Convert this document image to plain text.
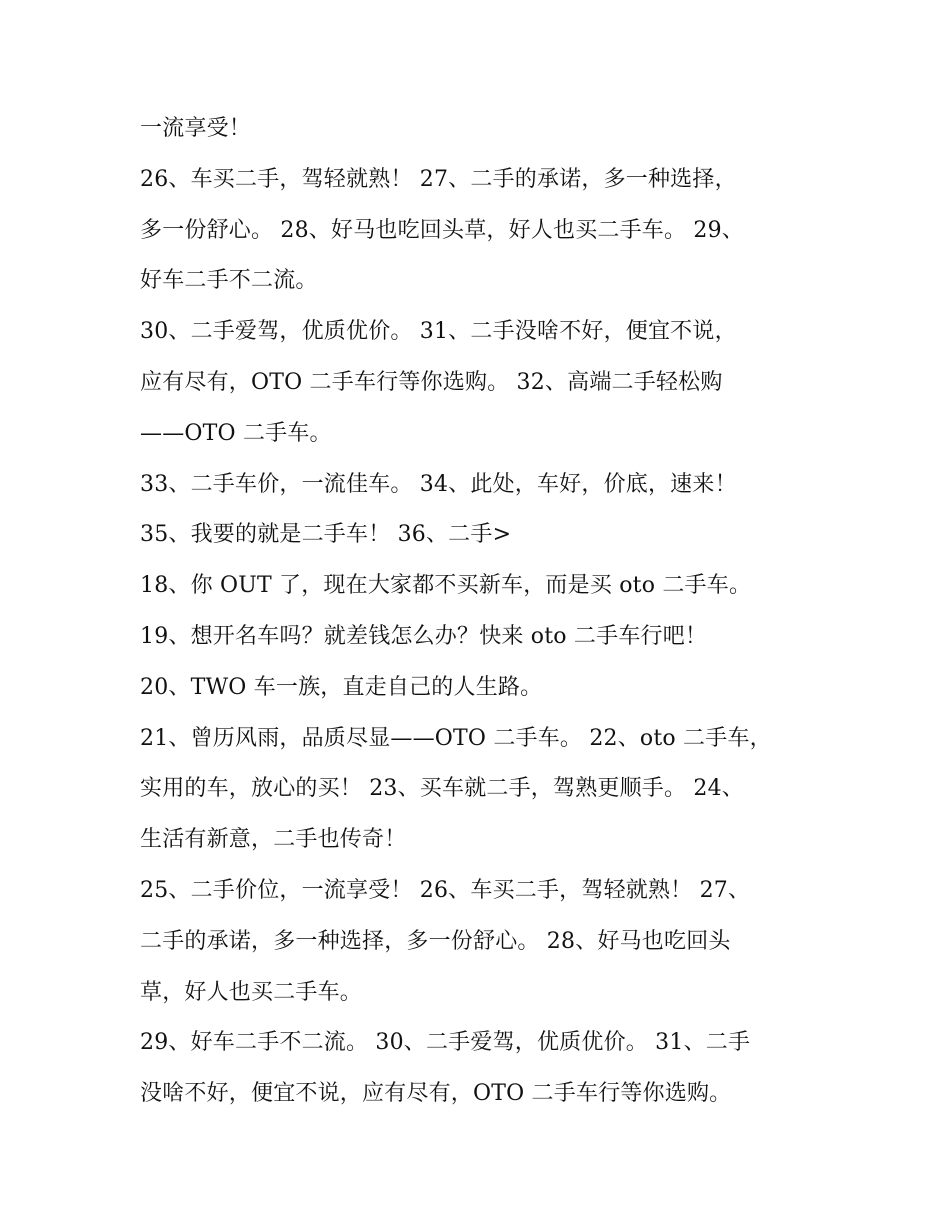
一流享受！
26、车买二手，驾轻就熟！ 27、二手的承诺，多一种选择，
多一份舒心。 28、好马也吃回头草，好人也买二手车。 29、
好车二手不二流。
30、二手爱驾，优质优价。 31、二手没啥不好，便宜不说，
应有尽有，OTO 二手车行等你选购。 32、高端二手轻松购
——OTO 二手车。
33、二手车价，一流佳车。 34、此处，车好，价底，速来！
35、我要的就是二手车！ 36、二手>
18、你 OUT 了，现在大家都不买新车，而是买 oto 二手车。
19、想开名车吗？就差钱怎么办？快来 oto 二手车行吧！
20、TWO 车一族，直走自己的人生路。
21、曾历风雨，品质尽显——OTO 二手车。 22、oto 二手车，
实用的车，放心的买！ 23、买车就二手，驾熟更顺手。 24、
生活有新意，二手也传奇！
25、二手价位，一流享受！ 26、车买二手，驾轻就熟！ 27、
二手的承诺，多一种选择，多一份舒心。 28、好马也吃回头
草，好人也买二手车。
29、好车二手不二流。 30、二手爱驾，优质优价。 31、二手
没啥不好，便宜不说，应有尽有，OTO 二手车行等你选购。
